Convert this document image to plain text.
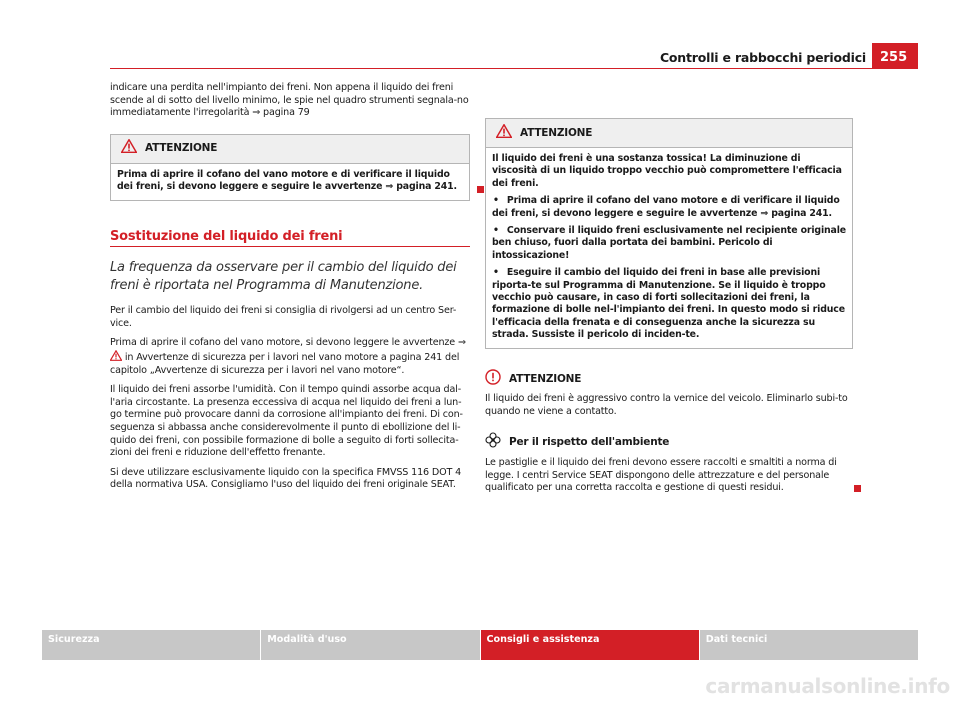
Controlli e rabbocchi periodici	255

indicare una perdita nell'impianto dei freni. Non appena il liquido dei freni scende al di sotto del livello minimo, le spie nel quadro strumenti segnala-no immediatamente l'irregolarità ⇒ pagina 79

ATTENZIONE
Prima di aprire il cofano del vano motore e di verificare il liquido dei freni, si devono leggere e seguire le avvertenze ⇒ pagina 241.
Sostituzione del liquido dei freni
La frequenza da osservare per il cambio del liquido dei freni è riportata nel Programma di Manutenzione.

Per il cambio del liquido dei freni si consiglia di rivolgersi ad un centro Ser-vice.

Prima di aprire il cofano del vano motore, si devono leggere le avvertenze ⇒  in Avvertenze di sicurezza per i lavori nel vano motore a pagina 241 del capitolo „Avvertenze di sicurezza per i lavori nel vano motore“.

Il liquido dei freni assorbe l'umidità. Con il tempo quindi assorbe acqua dal-l'aria circostante. La presenza eccessiva di acqua nel liquido dei freni a lun-go termine può provocare danni da corrosione all'impianto dei freni. Di con-seguenza si abbassa anche considerevolmente il punto di ebollizione del li-quido dei freni, con possibile formazione di bolle a seguito di forti sollecita-zioni dei freni e riduzione dell'effetto frenante.

Si deve utilizzare esclusivamente liquido con la specifica FMVSS 116 DOT 4 della normativa USA. Consigliamo l'uso del liquido dei freni originale SEAT.

ATTENZIONE

Il liquido dei freni è una sostanza tossica! La diminuzione di viscosità di un liquido troppo vecchio può compromettere l'efficacia dei freni.

• Prima di aprire il cofano del vano motore e di verificare il liquido dei freni, si devono leggere e seguire le avvertenze ⇒ pagina 241.

• Conservare il liquido freni esclusivamente nel recipiente originale ben chiuso, fuori dalla portata dei bambini. Pericolo di intossicazione!

• Eseguire il cambio del liquido dei freni in base alle previsioni riporta-te sul Programma di Manutenzione. Se il liquido è troppo vecchio può causare, in caso di forti sollecitazioni dei freni, la formazione di bolle nel-l'impianto dei freni. In questo modo si riduce l'efficacia della frenata e di conseguenza anche la sicurezza su strada. Sussiste il pericolo di inciden-te.

ATTENZIONE

Il liquido dei freni è aggressivo contro la vernice del veicolo. Eliminarlo subi-to quando ne viene a contatto.

Per il rispetto dell'ambiente

Le pastiglie e il liquido dei freni devono essere raccolti e smaltiti a norma di legge. I centri Service SEAT dispongono delle attrezzature e del personale qualificato per una corretta raccolta e gestione di questi residui.

Sicurezza	Modalità d'uso	Consigli e assistenza	Dati tecnici
carmanualsonline.info
